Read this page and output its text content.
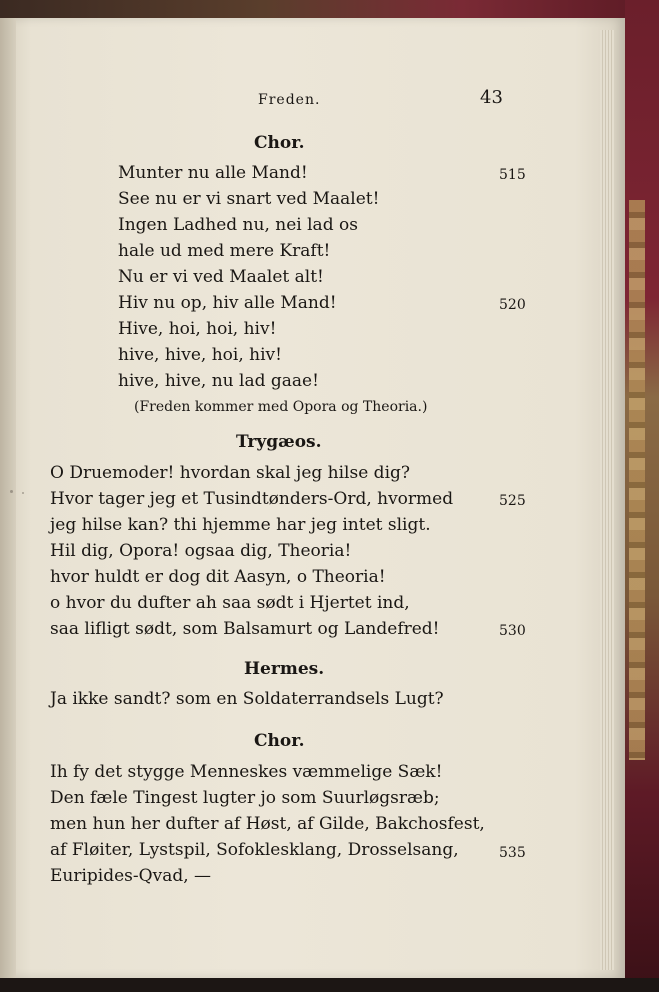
Freden.	43
Chor.
Munter nu alle Mand!	515
See nu er vi snart ved Maalet!
Ingen Ladhed nu, nei lad os
hale ud med mere Kraft!
Nu er vi ved Maalet alt!
Hiv nu op, hiv alle Mand!	520
Hive, hoi, hoi, hiv!
hive, hive, hoi, hiv!
hive, hive, nu lad gaae!
(Freden kommer med Opora og Theoria.)
Trygæos.
O Druemoder! hvordan skal jeg hilse dig?
Hvor tager jeg et Tusindtønders-Ord, hvormed	525
jeg hilse kan? thi hjemme har jeg intet sligt.
Hil dig, Opora! ogsaa dig, Theoria!
hvor huldt er dog dit Aasyn, o Theoria!
o hvor du dufter ah saa sødt i Hjertet ind,
saa lifligt sødt, som Balsamurt og Landefred!	530
Hermes.
Ja ikke sandt? som en Soldaterrandsels Lugt?
Chor.
Ih fy det stygge Menneskes væmmelige Sæk!
Den fæle Tingest lugter jo som Suurløgsræb;
men hun her dufter af Høst, af Gilde, Bakchosfest,
af Fløiter, Lystspil, Sofoklesklang, Drosselsang,	535
Euripides-Qvad, —
